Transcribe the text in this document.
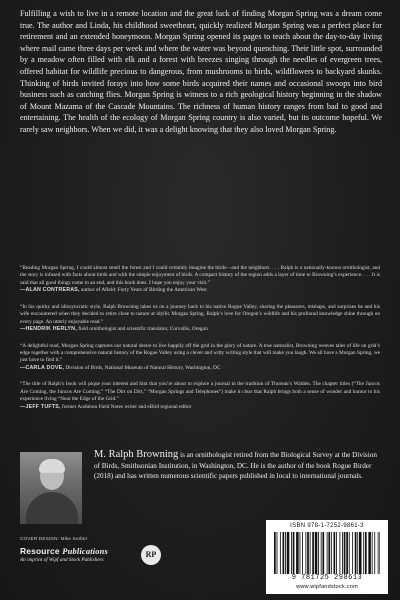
Fulfilling a wish to live in a remote location and the great luck of finding Morgan Spring was a dream come true. The author and Linda, his childhood sweetheart, quickly realized Morgan Spring was a perfect place for retirement and an extended honeymoon. Morgan Spring opened its pages to teach about the day-to-day living where mail came three days per week and where the water was beyond quenching. Their little spot, surrounded by a meadow often filled with elk and a forest with breezes singing through the needles of evergreen trees, offered habitat for wildlife precious to dangerous, from mushrooms to birds, wildflowers to backyard skunks. Thinking of birds invited forays into how some birds acquired their names and occasional swoops into bird business such as catching flies. Morgan Spring is witness to a rich geological history beginning in the shadow of Mount Mazama of the Cascade Mountains. The richness of human history ranges from bad to good and entertaining. The health of the ecology of Morgan Spring country is also varied, but its outcome hopeful. We rarely saw neighbors. When we did, it was a delight knowing that they also loved Morgan Spring.

“Reading Morgan Spring, I could almost smell the forest and I could certainly imagine the birds—and the neighbors. . . . Ralph is a nationally-known ornithologist, and the story is infused with facts about birds and with the simple enjoyment of birds. A compact history of the region adds a layer of time to Browning’s experience. . . . It is said that all good things come to an end, and this book does. I hope you enjoy your visit.”

—ALAN CONTRERAS, author of Afield: Forty Years of Birding the American West

“In his quirky and idiosyncratic style, Ralph Browning takes us on a journey back to his native Rogue Valley, sharing the pleasures, mishaps, and surprises he and his wife encountered when they decided to retire close to nature at idyllic Morgan Spring. Ralph’s love for Oregon’s wildlife and his profound knowledge shine through on every page. An utterly enjoyable read.”

—HENDRIK HERLYN, field ornithologist and scientific translator, Corvallis, Oregon

“A delightful read, Morgan Spring captures our natural desire to live happily off the grid in the glory of nature. A true naturalist, Browning weaves tales of life on grid’s edge together with a comprehensive natural history of the Rogue Valley using a clever and witty writing style that will make you laugh. We all have a Morgan Spring, we just have to find it.”

—CARLA DOVE, Division of Birds, National Museum of Natural History, Washington, DC

“The title of Ralph’s book will pique your interest and hint that you’re about to explore a journal in the tradition of Thoreau’s Walden. The chapter titles (“The Juncos Are Coming, the Juncos Are Coming,” “The Dirt on Dirt,” “Morgan Springs and Telephones”) make it clear that Ralph brings both a sense of wonder and humor to his experience living “Near the Edge of the Grid.”

—JEFF TUFTS, former Audubon Field Notes writer and eBird regional editor

M. Ralph Browning is an ornithologist retired from the Biological Survey at the Division of Birds, Smithsonian Institution, in Washington, DC. He is the author of the book Rogue Birder (2018) and has written numerous scientific papers published in local to international journals.

COVER DESIGN: Mike Surber

Resource Publications

An imprint of Wipf and Stock Publishers

RP
ISBN 978-1-7252-9861-3
9 781725 298613
www.wipfandstock.com
